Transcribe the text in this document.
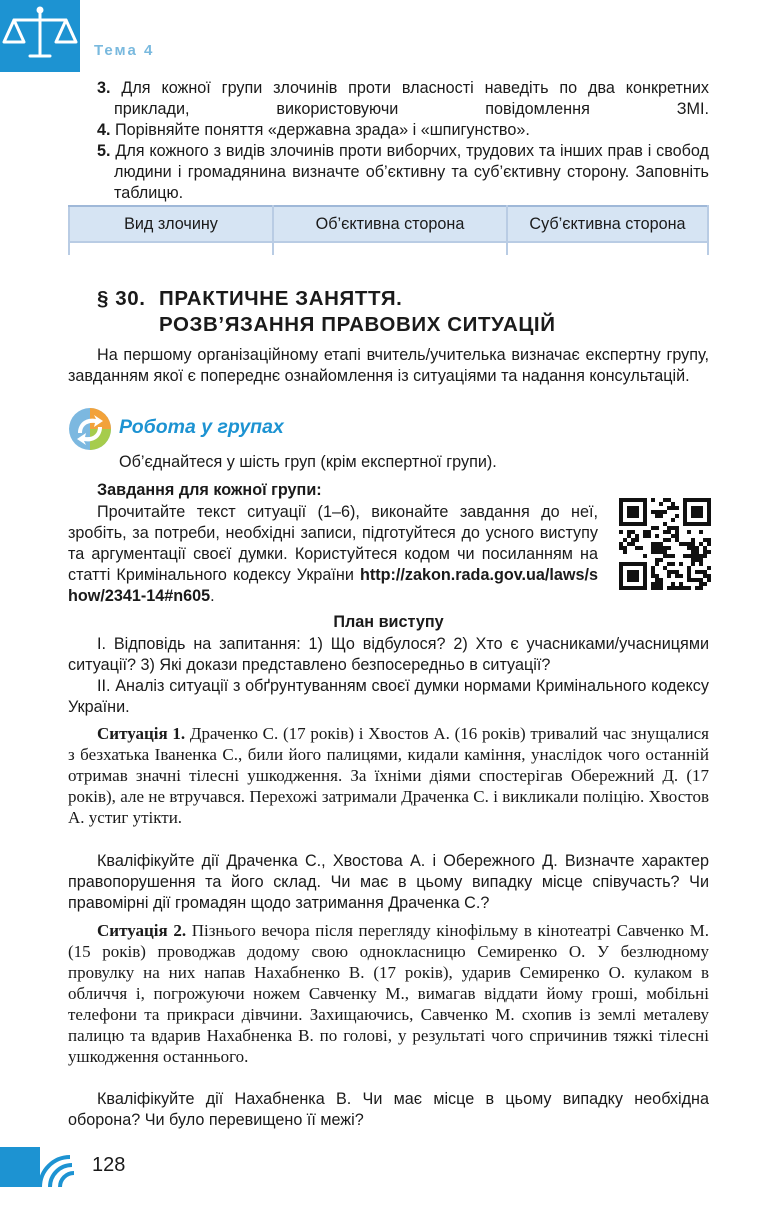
Тема 4
3. Для кожної групи злочинів проти власності наведіть по два конкретних приклади, використовуючи повідомлення ЗМІ.
4. Порівняйте поняття «державна зрада» і «шпигунство».
5. Для кожного з видів злочинів проти виборчих, трудових та інших прав і свобод людини і громадянина визначте об’єктивну та суб’єктивну сторону. Заповніть таблицю.
Вид злочину	Об’єктивна сторона	Суб’єктивна сторона

§ 30. ПРАКТИЧНЕ ЗАНЯТТЯ.
РОЗВ’ЯЗАННЯ ПРАВОВИХ СИТУАЦІЙ

На першому організаційному етапі вчитель/учителька визначає експертну групу, завданням якої є попереднє ознайомлення із ситуаціями та надання консультацій.

Робота у групах

Об’єднайтеся у шість груп (крім експертної групи).

Завдання для кожної групи:

Прочитайте текст ситуації (1–6), виконайте завдання до неї, зробіть, за потреби, необхідні записи, підготуйтеся до усного виступу та аргументації своєї думки. Користуйтеся кодом чи посиланням на статті Кримінального кодексу України http://zakon.rada.gov.ua/laws/show/2341-14#n605.

План виступу

І. Відповідь на запитання: 1) Що відбулося? 2) Хто є учасниками/учасницями ситуації? 3) Які докази представлено безпосередньо в ситуації?

ІІ. Аналіз ситуації з обґрунтуванням своєї думки нормами Кримінального кодексу України.

Ситуація 1. Драченко С. (17 років) і Хвостов А. (16 років) тривалий час знущалися з безхатька Іваненка С., били його палицями, кидали каміння, унаслідок чого останній отримав значні тілесні ушкодження. За їхніми діями спостерігав Обережний Д. (17 років), але не втручався. Перехожі затримали Драченка С. і викликали поліцію. Хвостов А. устиг утікти.

Кваліфікуйте дії Драченка С., Хвостова А. і Обережного Д. Визначте характер правопорушення та його склад. Чи має в цьому випадку місце співучасть? Чи правомірні дії громадян щодо затримання Драченка С.?

Ситуація 2. Пізнього вечора після перегляду кінофільму в кінотеатрі Савченко М. (15 років) проводжав додому свою однокласницю Семиренко О. У безлюдному провулку на них напав Нахабненко В. (17 років), ударив Семиренко О. кулаком в обличчя і, погрожуючи ножем Савченку М., вимагав віддати йому гроші, мобільні телефони та прикраси дівчини. Захищаючись, Савченко М. схопив із землі металеву палицю та вдарив Нахабненка В. по голові, у результаті чого спричинив тяжкі тілесні ушкодження останнього.

Кваліфікуйте дії Нахабненка В. Чи має місце в цьому випадку необхідна оборона? Чи було перевищено її межі?

128
